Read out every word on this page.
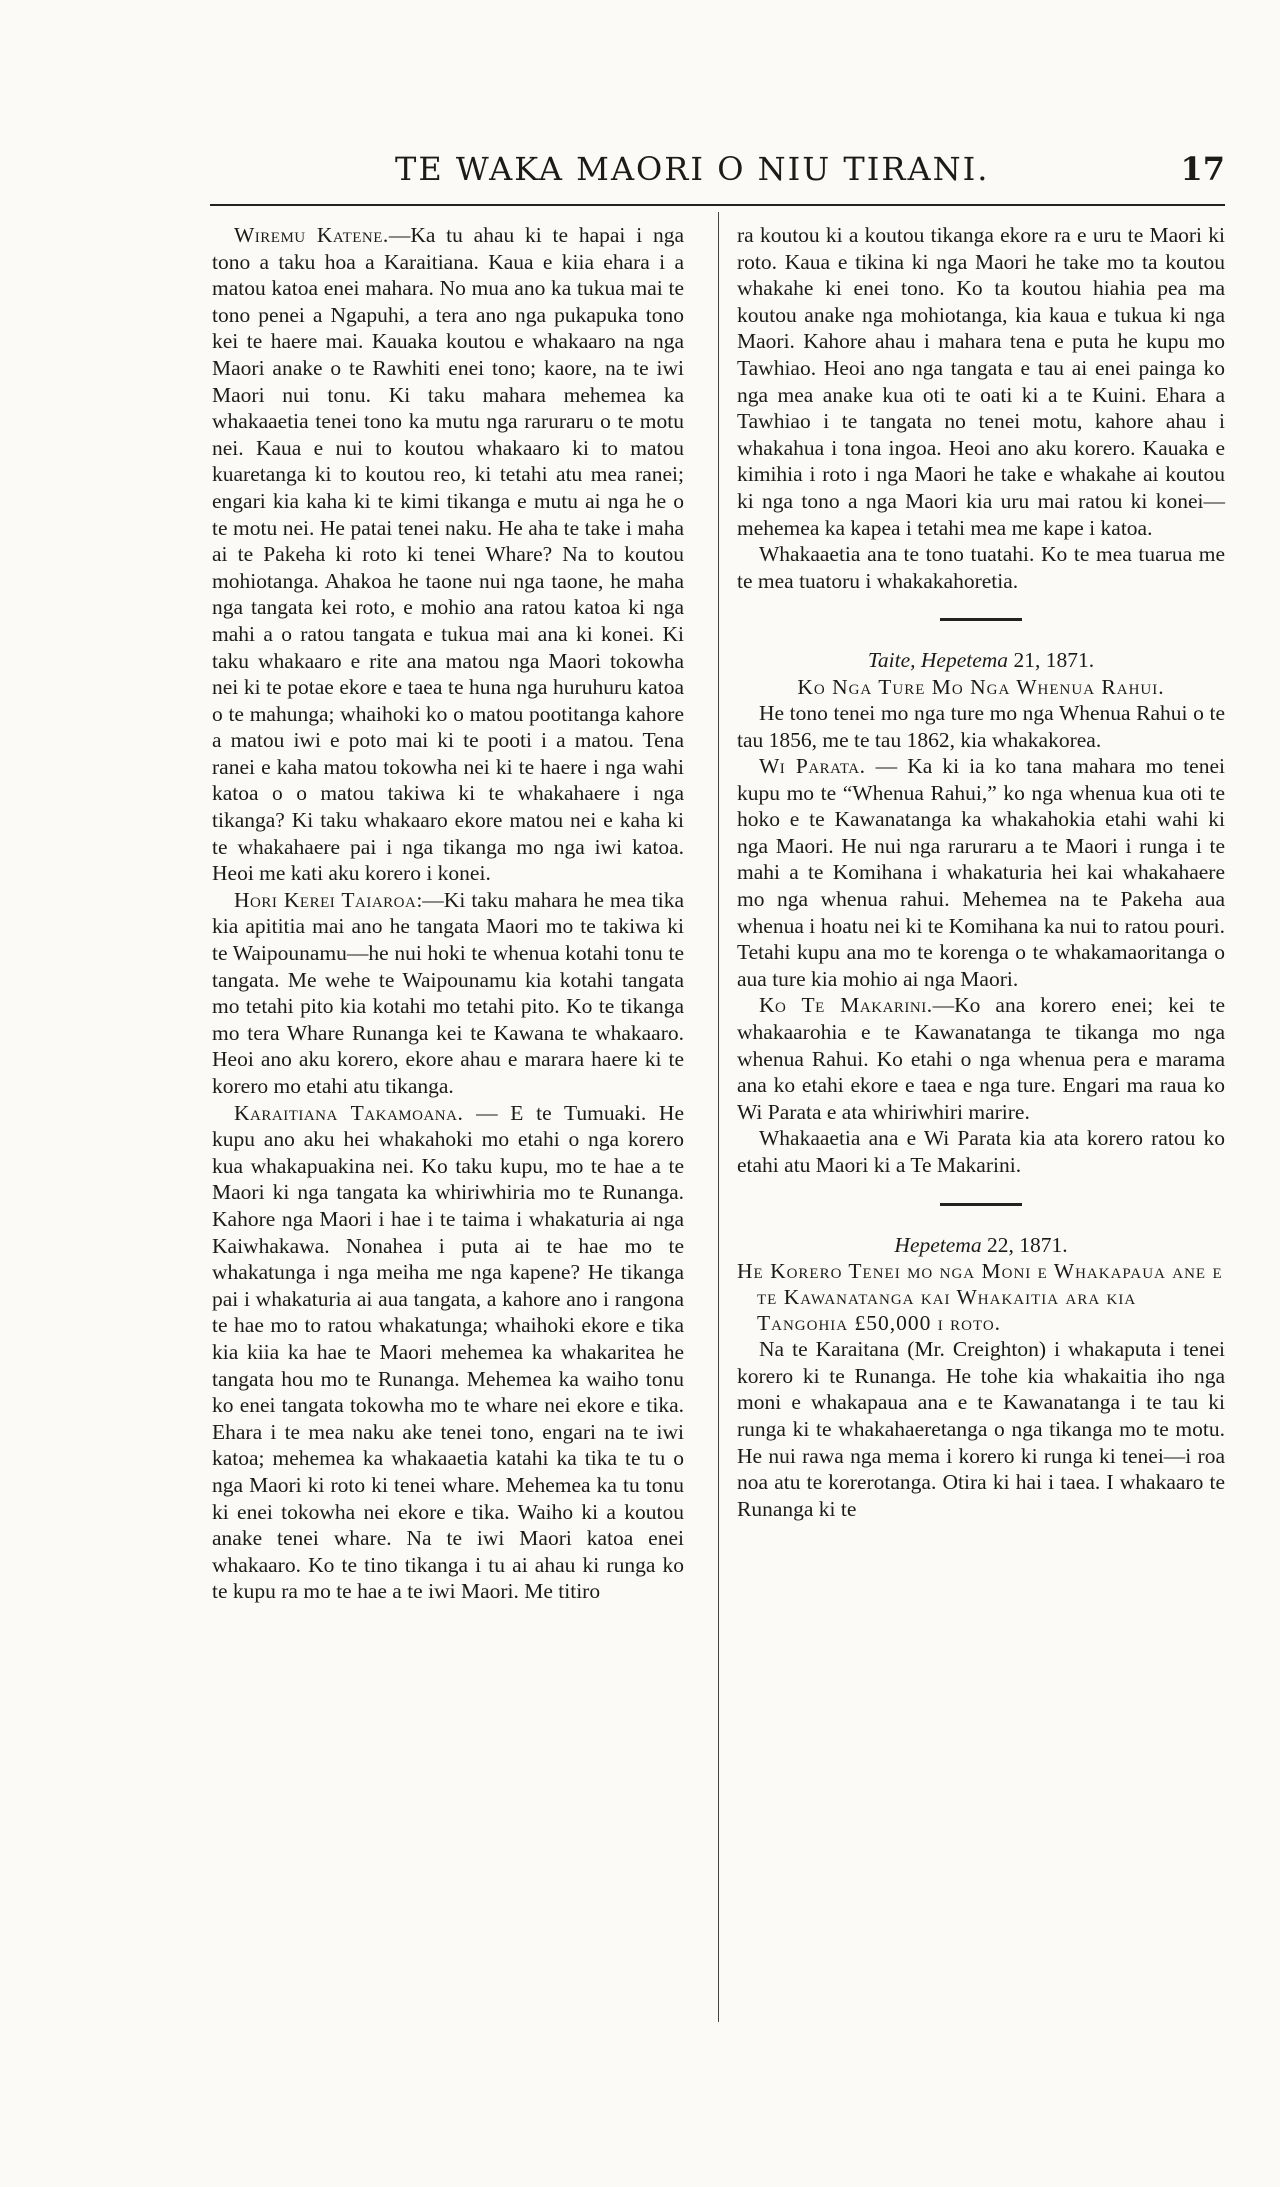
TE WAKA MAORI O NIU TIRANI.	17

Wiremu Katene.—Ka tu ahau ki te hapai i nga tono a taku hoa a Karaitiana. Kaua e kiia ehara i a matou katoa enei mahara. No mua ano ka tukua mai te tono penei a Ngapuhi, a tera ano nga pukapuka tono kei te haere mai. Kauaka koutou e whakaaro na nga Maori anake o te Rawhiti enei tono; kaore, na te iwi Maori nui tonu. Ki taku mahara mehemea ka whakaaetia tenei tono ka mutu nga raruraru o te motu nei. Kaua e nui to koutou whakaaro ki to matou kuaretanga ki to koutou reo, ki tetahi atu mea ranei; engari kia kaha ki te kimi tikanga e mutu ai nga he o te motu nei. He patai tenei naku. He aha te take i maha ai te Pakeha ki roto ki tenei Whare? Na to koutou mohiotanga. Ahakoa he taone nui nga taone, he maha nga tangata kei roto, e mohio ana ratou katoa ki nga mahi a o ratou tangata e tukua mai ana ki konei. Ki taku whakaaro e rite ana matou nga Maori tokowha nei ki te potae ekore e taea te huna nga huruhuru katoa o te mahunga; whaihoki ko o matou pootitanga kahore a matou iwi e poto mai ki te pooti i a matou. Tena ranei e kaha matou tokowha nei ki te haere i nga wahi katoa o o matou takiwa ki te whakahaere i nga tikanga? Ki taku whakaaro ekore matou nei e kaha ki te whakahaere pai i nga tikanga mo nga iwi katoa. Heoi me kati aku korero i konei.

Hori Kerei Taiaroa:—Ki taku mahara he mea tika kia apititia mai ano he tangata Maori mo te takiwa ki te Waipounamu—he nui hoki te whenua kotahi tonu te tangata. Me wehe te Waipounamu kia kotahi tangata mo tetahi pito kia kotahi mo tetahi pito. Ko te tikanga mo tera Whare Runanga kei te Kawana te whakaaro. Heoi ano aku korero, ekore ahau e marara haere ki te korero mo etahi atu tikanga.

Karaitiana Takamoana. — E te Tumuaki. He kupu ano aku hei whakahoki mo etahi o nga korero kua whakapuakina nei. Ko taku kupu, mo te hae a te Maori ki nga tangata ka whiriwhiria mo te Runanga. Kahore nga Maori i hae i te taima i whakaturia ai nga Kaiwhakawa. Nonahea i puta ai te hae mo te whakatunga i nga meiha me nga kapene? He tikanga pai i whakaturia ai aua tangata, a kahore ano i rangona te hae mo to ratou whakatunga; whaihoki ekore e tika kia kiia ka hae te Maori mehemea ka whakaritea he tangata hou mo te Runanga. Mehemea ka waiho tonu ko enei tangata tokowha mo te whare nei ekore e tika. Ehara i te mea naku ake tenei tono, engari na te iwi katoa; mehemea ka whakaaetia katahi ka tika te tu o nga Maori ki roto ki tenei whare. Mehemea ka tu tonu ki enei tokowha nei ekore e tika. Waiho ki a koutou anake tenei whare. Na te iwi Maori katoa enei whakaaro. Ko te tino tikanga i tu ai ahau ki runga ko te kupu ra mo te hae a te iwi Maori. Me titiro

ra koutou ki a koutou tikanga ekore ra e uru te Maori ki roto. Kaua e tikina ki nga Maori he take mo ta koutou whakahe ki enei tono. Ko ta koutou hiahia pea ma koutou anake nga mohiotanga, kia kaua e tukua ki nga Maori. Kahore ahau i mahara tena e puta he kupu mo Tawhiao. Heoi ano nga tangata e tau ai enei painga ko nga mea anake kua oti te oati ki a te Kuini. Ehara a Tawhiao i te tangata no tenei motu, kahore ahau i whakahua i tona ingoa. Heoi ano aku korero. Kauaka e kimihia i roto i nga Maori he take e whakahe ai koutou ki nga tono a nga Maori kia uru mai ratou ki konei—mehemea ka kapea i tetahi mea me kape i katoa.

Whakaaetia ana te tono tuatahi. Ko te mea tuarua me te mea tuatoru i whakakahoretia.

Taite, Hepetema 21, 1871.

Ko Nga Ture Mo Nga Whenua Rahui.

He tono tenei mo nga ture mo nga Whenua Rahui o te tau 1856, me te tau 1862, kia whakakorea.

Wi Parata. — Ka ki ia ko tana mahara mo tenei kupu mo te “Whenua Rahui,” ko nga whenua kua oti te hoko e te Kawanatanga ka whakahokia etahi wahi ki nga Maori. He nui nga raruraru a te Maori i runga i te mahi a te Komihana i whakaturia hei kai whakahaere mo nga whenua rahui. Mehemea na te Pakeha aua whenua i hoatu nei ki te Komihana ka nui to ratou pouri. Tetahi kupu ana mo te korenga o te whakamaoritanga o aua ture kia mohio ai nga Maori.

Ko Te Makarini.—Ko ana korero enei; kei te whakaarohia e te Kawanatanga te tikanga mo nga whenua Rahui. Ko etahi o nga whenua pera e marama ana ko etahi ekore e taea e nga ture. Engari ma raua ko Wi Parata e ata whiriwhiri marire.

Whakaaetia ana e Wi Parata kia ata korero ratou ko etahi atu Maori ki a Te Makarini.

Hepetema 22, 1871.

He Korero Tenei mo nga Moni e Whakapaua ane e te Kawanatanga kai Whakaitia ara kia Tangohia £50,000 i roto.

Na te Karaitana (Mr. Creighton) i whakaputa i tenei korero ki te Runanga. He tohe kia whakaitia iho nga moni e whakapaua ana e te Kawanatanga i te tau ki runga ki te whakahaeretanga o nga tikanga mo te motu. He nui rawa nga mema i korero ki runga ki tenei—i roa noa atu te korerotanga. Otira ki hai i taea. I whakaaro te Runanga ki te
